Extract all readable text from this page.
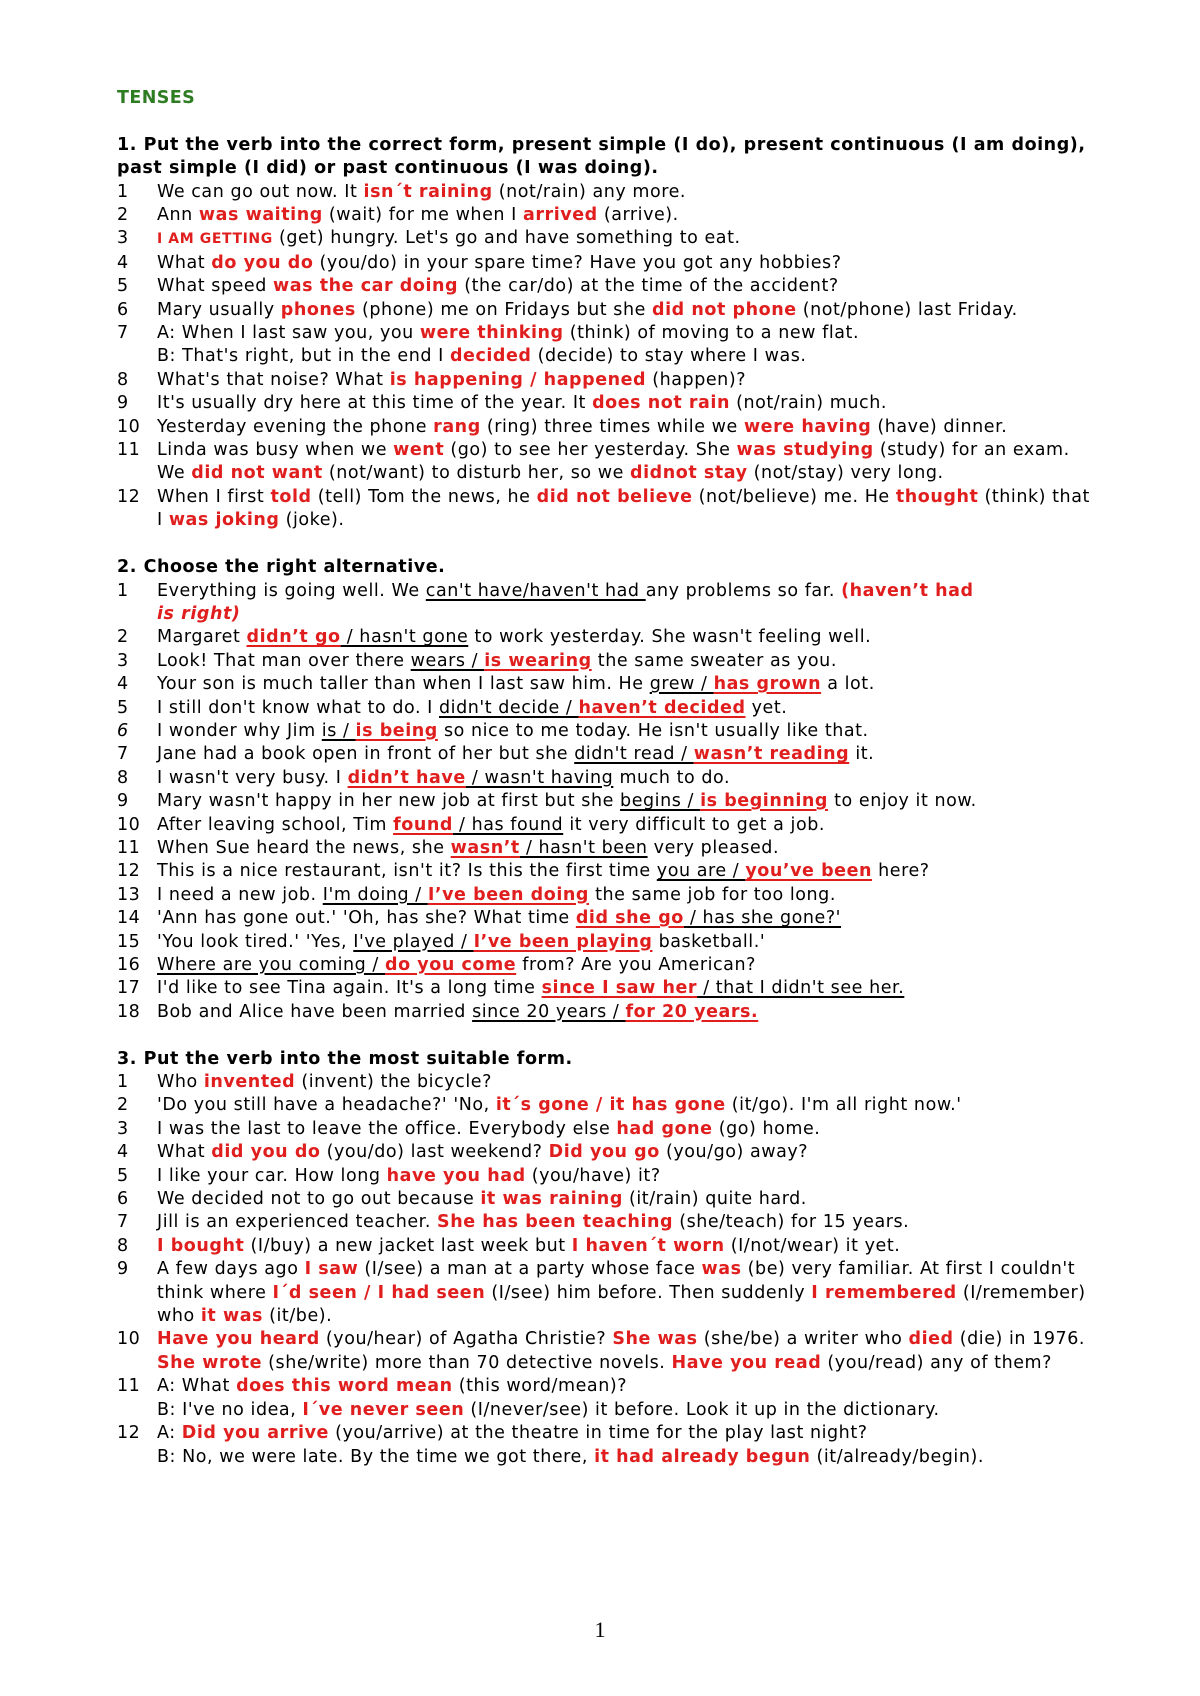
TENSES
1. Put the verb into the correct form, present simple (I do), present continuous (I am doing), past simple (I did) or past continuous (I was doing).
1	We can go out now. It isn´t raining (not/rain) any more.
2	Ann was waiting (wait) for me when I arrived (arrive).
3	I AM GETTING (get) hungry. Let's go and have something to eat.
4	What do you do (you/do) in your spare time? Have you got any hobbies?
5	What speed was the car doing (the car/do) at the time of the accident?
6	Mary usually phones (phone) me on Fridays but she did not phone (not/phone) last Friday.
7	A: When I last saw you, you were thinking (think) of moving to a new flat.
B: That's right, but in the end I decided (decide) to stay where I was.
8	What's that noise? What is happening / happened (happen)?
9	It's usually dry here at this time of the year. It does not rain (not/rain) much.
10 Yesterday evening the phone rang (ring) three times while we were having (have) dinner.
11 Linda was busy when we went (go) to see her yesterday. She was studying (study) for an exam. We did not want (not/want) to disturb her, so we didnot stay (not/stay) very long.
12 When I first told (tell) Tom the news, he did not believe (not/believe) me. He thought (think) that I was joking (joke).
2. Choose the right alternative.
1	Everything is going well. We can't have/haven't had any problems so far. (haven’t had
is right)
2	Margaret didn’t go / hasn't gone to work yesterday. She wasn't feeling well.
3	Look! That man over there wears / is wearing the same sweater as you.
4	Your son is much taller than when I last saw him. He grew / has grown a lot.
5	I still don't know what to do. I didn't decide / haven’t decided yet.
6	I wonder why Jim is / is being so nice to me today. He isn't usually like that.
7	Jane had a book open in front of her but she didn't read / wasn’t reading it.
8	I wasn't very busy. I didn’t have / wasn't having much to do.
9	Mary wasn't happy in her new job at first but she begins / is beginning to enjoy it now.
10 After leaving school, Tim found / has found it very difficult to get a job.
11 When Sue heard the news, she wasn’t / hasn't been very pleased.
12 This is a nice restaurant, isn't it? Is this the first time you are / you’ve been here?
13 I need a new job. I'm doing / I’ve been doing the same job for too long.
14 'Ann has gone out.' 'Oh, has she? What time did she go / has she gone?'
15 'You look tired.' 'Yes, I've played / I’ve been playing basketball.'
16 Where are you coming / do you come from? Are you American?
17 I'd like to see Tina again. It's a long time since I saw her / that I didn't see her.
18 Bob and Alice have been married since 20 years / for 20 years.
3. Put the verb into the most suitable form.
1	Who invented (invent) the bicycle?
2	'Do you still have a headache?' 'No, it´s gone / it has gone (it/go). I'm all right now.'
3	I was the last to leave the office. Everybody else had gone (go) home.
4	What did you do (you/do) last weekend? Did you go (you/go) away?
5	I like your car. How long have you had (you/have) it?
6	We decided not to go out because it was raining (it/rain) quite hard.
7	Jill is an experienced teacher. She has been teaching (she/teach) for 15 years.
8	I bought (I/buy) a new jacket last week but I haven´t worn (I/not/wear) it yet.
9	A few days ago I saw (I/see) a man at a party whose face was (be) very familiar. At first I couldn't think where I´d seen / I had seen (I/see) him before. Then suddenly I remembered (I/remember) who it was (it/be).
10 Have you heard (you/hear) of Agatha Christie? She was (she/be) a writer who died (die) in 1976. She wrote (she/write) more than 70 detective novels. Have you read (you/read) any of them?
11 A: What does this word mean (this word/mean)?
B: I've no idea, I´ve never seen (I/never/see) it before. Look it up in the dictionary.
12 A: Did you arrive (you/arrive) at the theatre in time for the play last night?
B: No, we were late. By the time we got there, it had already begun (it/already/begin).
1
